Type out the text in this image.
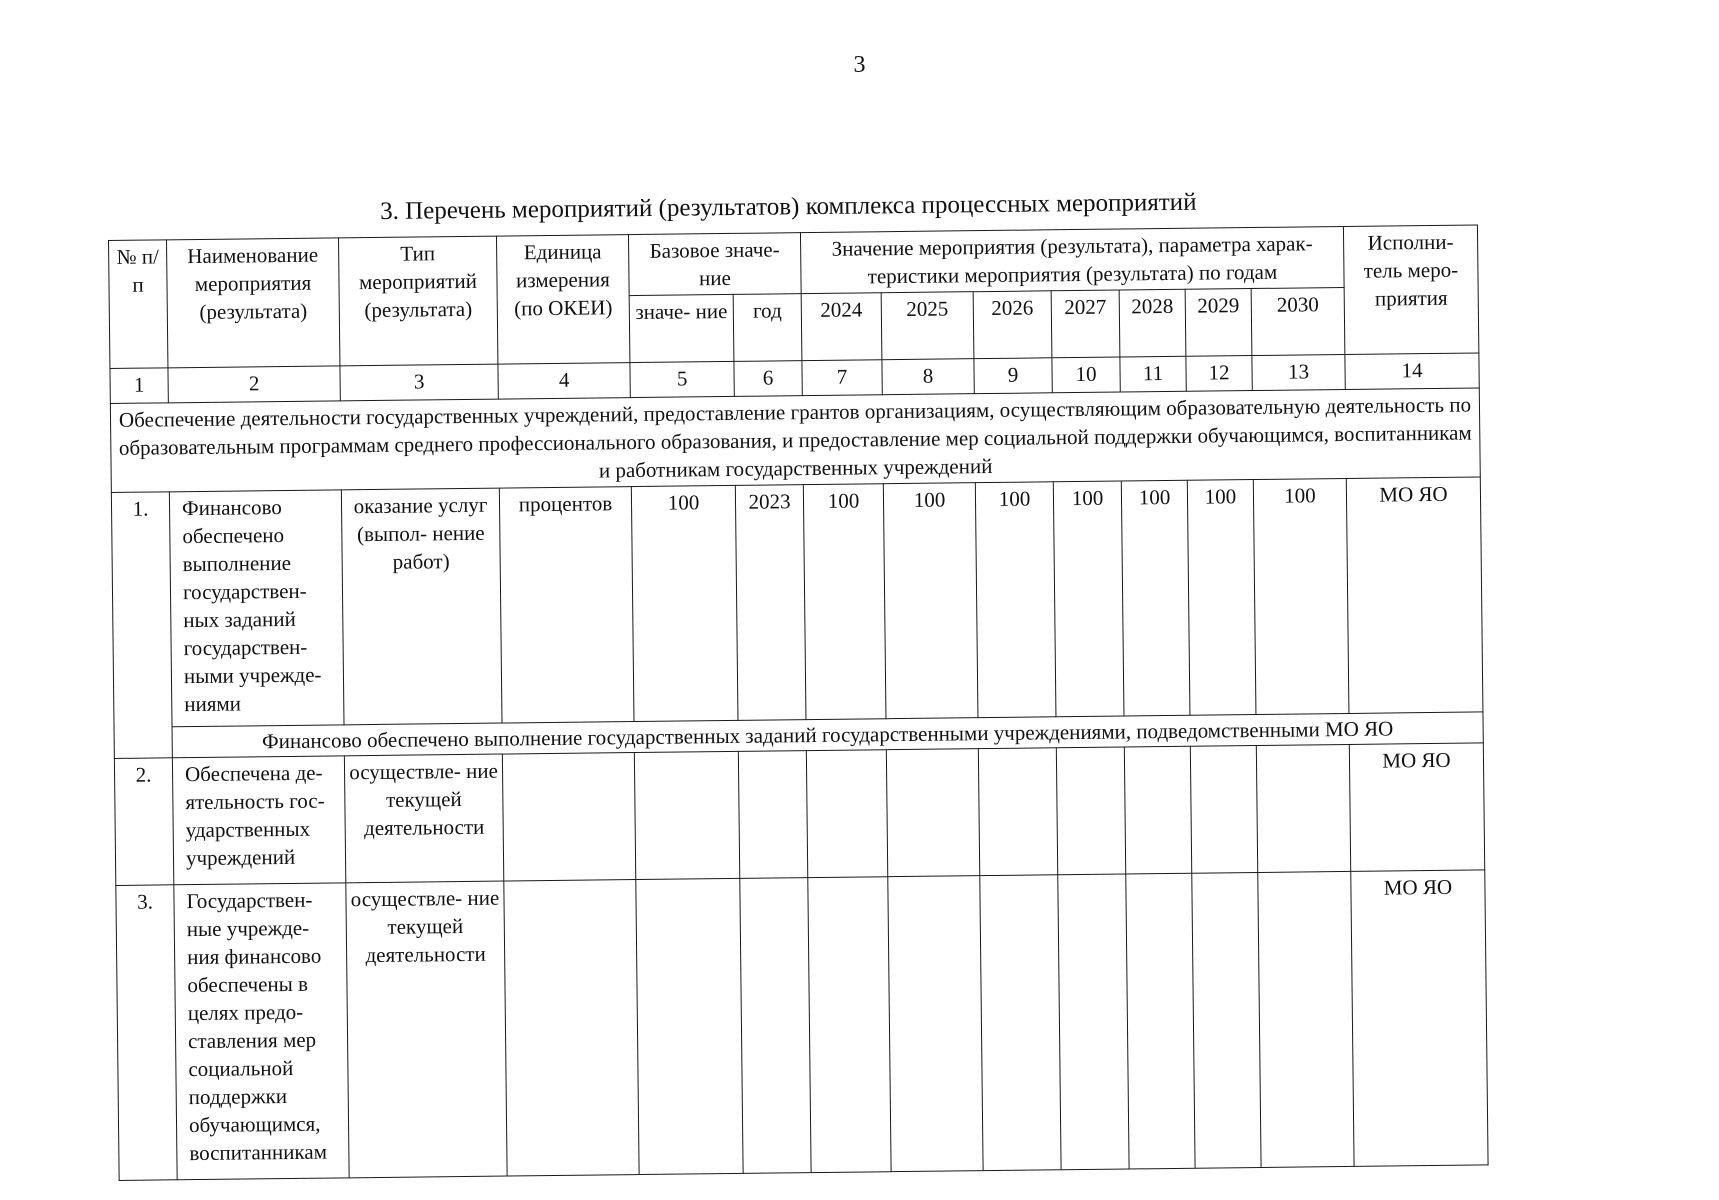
3
3. Перечень мероприятий (результатов) комплекса процессных мероприятий
№ п/п	Наименование мероприятия (результата)	Тип мероприятий (результата)	Единица измерения (по ОКЕИ)	Базовое значе- ние		Значение мероприятия (результата), параметра харак- теристики мероприятия (результата) по годам							Исполни- тель меро- приятия
				значе- ние	год	2024	2025	2026	2027	2028	2029	2030	
1	2	3	4	5	6	7	8	9	10	11	12	13	14
Обеспечение деятельности государственных учреждений, предоставление грантов организациям, осуществляющим образовательную деятельность по образовательным программам среднего профессионального образования, и предоставление мер социальной поддержки обучающимся, воспитанникам и работникам государственных учреждений													
1.	Финансово обеспечено выполнение государствен- ных заданий государствен- ными учрежде- ниями	оказание услуг (выпол- нение работ)	процентов	100	2023	100	100	100	100	100	100	100	МО ЯО
	Финансово обеспечено выполнение государственных заданий государственными учреждениями, подведомственными МО ЯО												
2.	Обеспечена де- ятельность гос- ударственных учреждений	осуществле- ние текущей деятельности											МО ЯО
3.	Государствен- ные учрежде- ния финансово обеспечены в целях предо- ставления мер социальной поддержки обучающимся, воспитанникам	осуществле- ние текущей деятельности											МО ЯО
